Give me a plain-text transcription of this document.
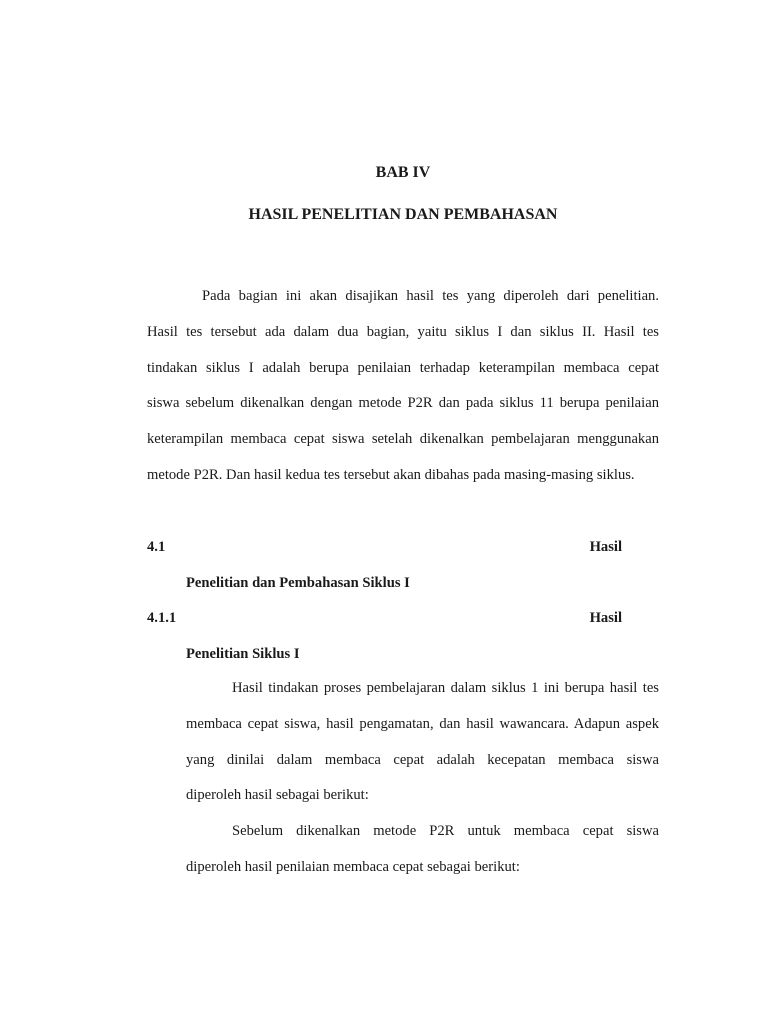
BAB IV
HASIL PENELITIAN DAN PEMBAHASAN
Pada bagian ini akan disajikan hasil tes yang diperoleh dari penelitian.
Hasil tes tersebut ada dalam dua bagian, yaitu siklus I dan siklus II. Hasil tes
tindakan siklus I adalah berupa penilaian terhadap keterampilan membaca cepat
siswa sebelum dikenalkan dengan metode P2R dan pada siklus 11 berupa penilaian
keterampilan membaca cepat siswa setelah dikenalkan pembelajaran menggunakan
metode P2R. Dan hasil kedua tes tersebut akan dibahas pada masing-masing siklus.
4.1	Hasil
Penelitian dan Pembahasan Siklus I
4.1.1	Hasil
Penelitian Siklus I
Hasil tindakan proses pembelajaran dalam siklus 1 ini berupa hasil tes
membaca cepat siswa, hasil pengamatan, dan hasil wawancara. Adapun aspek
yang dinilai dalam membaca cepat adalah kecepatan membaca siswa
diperoleh hasil sebagai berikut:
Sebelum dikenalkan metode P2R untuk membaca cepat siswa
diperoleh hasil penilaian membaca cepat sebagai berikut:
